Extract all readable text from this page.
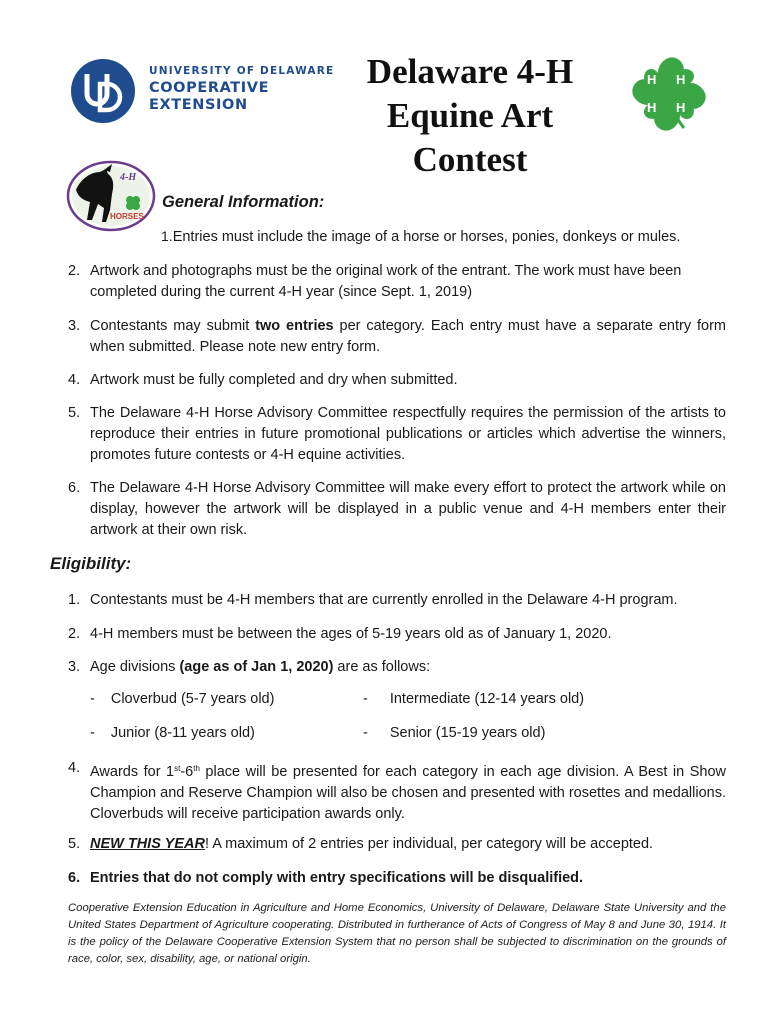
UNIVERSITY OF DELAWARE
COOPERATIVE
EXTENSION
Delaware 4-H
Equine Art
Contest
H H
H H
4-H
HORSES
General Information:
1.Entries must include the image of a horse or horses, ponies, donkeys or mules.
2. Artwork and photographs must be the original work of the entrant. The work must have been completed during the current 4-H year (since Sept. 1, 2019)
3. Contestants may submit two entries per category. Each entry must have a separate entry form when submitted. Please note new entry form.
4. Artwork must be fully completed and dry when submitted.
5. The Delaware 4-H Horse Advisory Committee respectfully requires the permission of the artists to reproduce their entries in future promotional publications or articles which advertise the winners, promotes future contests or 4-H equine activities.
6. The Delaware 4-H Horse Advisory Committee will make every effort to protect the artwork while on display, however the artwork will be displayed in a public venue and 4-H members enter their artwork at their own risk.
Eligibility:
1. Contestants must be 4-H members that are currently enrolled in the Delaware 4-H program.
2. 4-H members must be between the ages of 5-19 years old as of January 1, 2020.
3. Age divisions (age as of Jan 1, 2020) are as follows:
- Cloverbud (5-7 years old)	- Intermediate (12-14 years old)
- Junior (8-11 years old)	- Senior (15-19 years old)
4. Awards for 1st-6th place will be presented for each category in each age division. A Best in Show Champion and Reserve Champion will also be chosen and presented with rosettes and medallions. Cloverbuds will receive participation awards only.
5. NEW THIS YEAR! A maximum of 2 entries per individual, per category will be accepted.
6. Entries that do not comply with entry specifications will be disqualified.
Cooperative Extension Education in Agriculture and Home Economics, University of Delaware, Delaware State University and the United States Department of Agriculture cooperating. Distributed in furtherance of Acts of Congress of May 8 and June 30, 1914. It is the policy of the Delaware Cooperative Extension System that no person shall be subjected to discrimination on the grounds of race, color, sex, disability, age, or national origin.
